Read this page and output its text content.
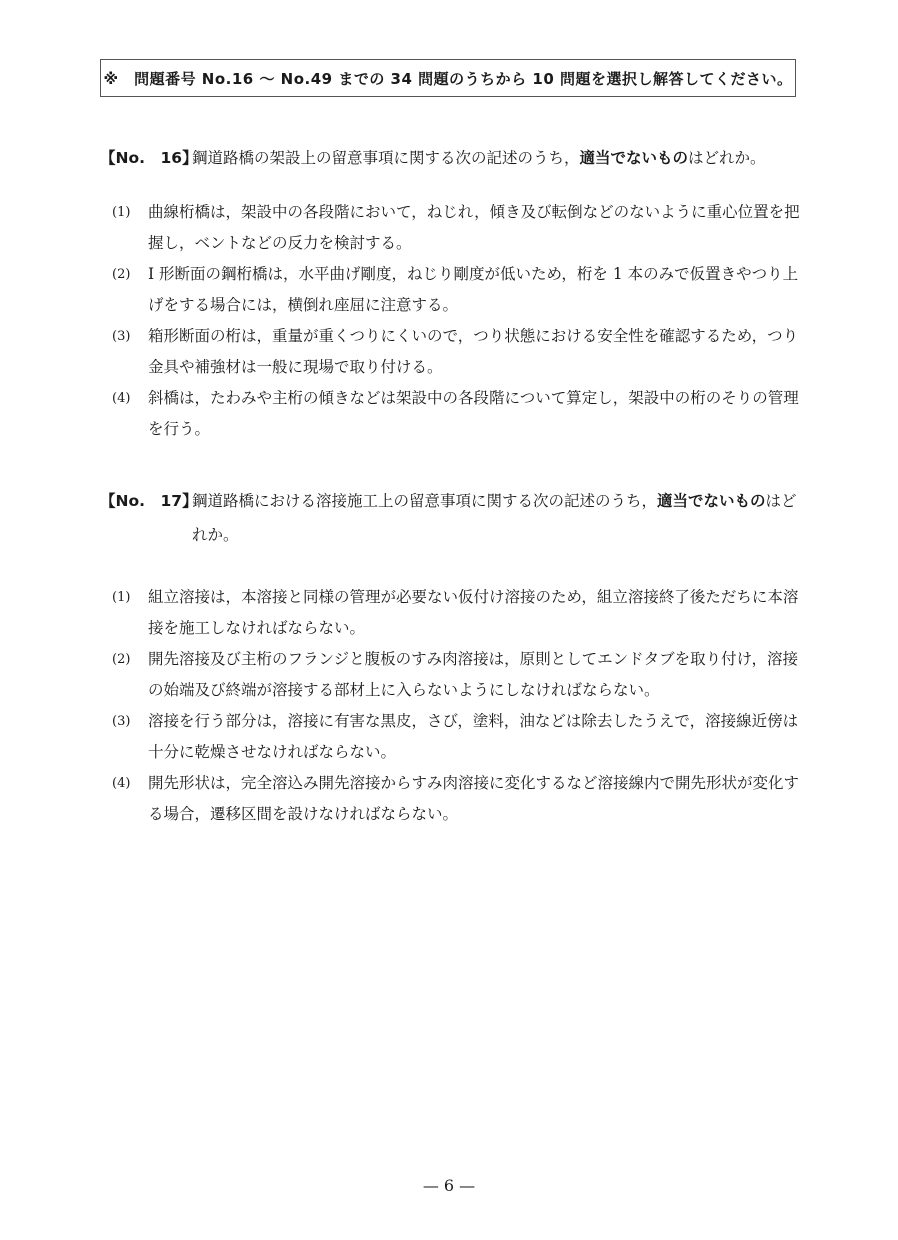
※　問題番号 No.16 ～ No.49 までの 34 問題のうちから 10 問題を選択し解答してください。
【No.　16】
鋼道路橋の架設上の留意事項に関する次の記述のうち，適当でないものはどれか。
(1)	曲線桁橋は，架設中の各段階において，ねじれ，傾き及び転倒などのないように重心位置を把握し，ベントなどの反力を検討する。
(2)	I 形断面の鋼桁橋は，水平曲げ剛度，ねじり剛度が低いため，桁を 1 本のみで仮置きやつり上げをする場合には，横倒れ座屈に注意する。
(3)	箱形断面の桁は，重量が重くつりにくいので，つり状態における安全性を確認するため，つり金具や補強材は一般に現場で取り付ける。
(4)	斜橋は，たわみや主桁の傾きなどは架設中の各段階について算定し，架設中の桁のそりの管理を行う。
【No.　17】
鋼道路橋における溶接施工上の留意事項に関する次の記述のうち，適当でないものはどれか。
(1)	組立溶接は，本溶接と同様の管理が必要ない仮付け溶接のため，組立溶接終了後ただちに本溶接を施工しなければならない。
(2)	開先溶接及び主桁のフランジと腹板のすみ肉溶接は，原則としてエンドタブを取り付け，溶接の始端及び終端が溶接する部材上に入らないようにしなければならない。
(3)	溶接を行う部分は，溶接に有害な黒皮，さび，塗料，油などは除去したうえで，溶接線近傍は十分に乾燥させなければならない。
(4)	開先形状は，完全溶込み開先溶接からすみ肉溶接に変化するなど溶接線内で開先形状が変化する場合，遷移区間を設けなければならない。
— 6 —
